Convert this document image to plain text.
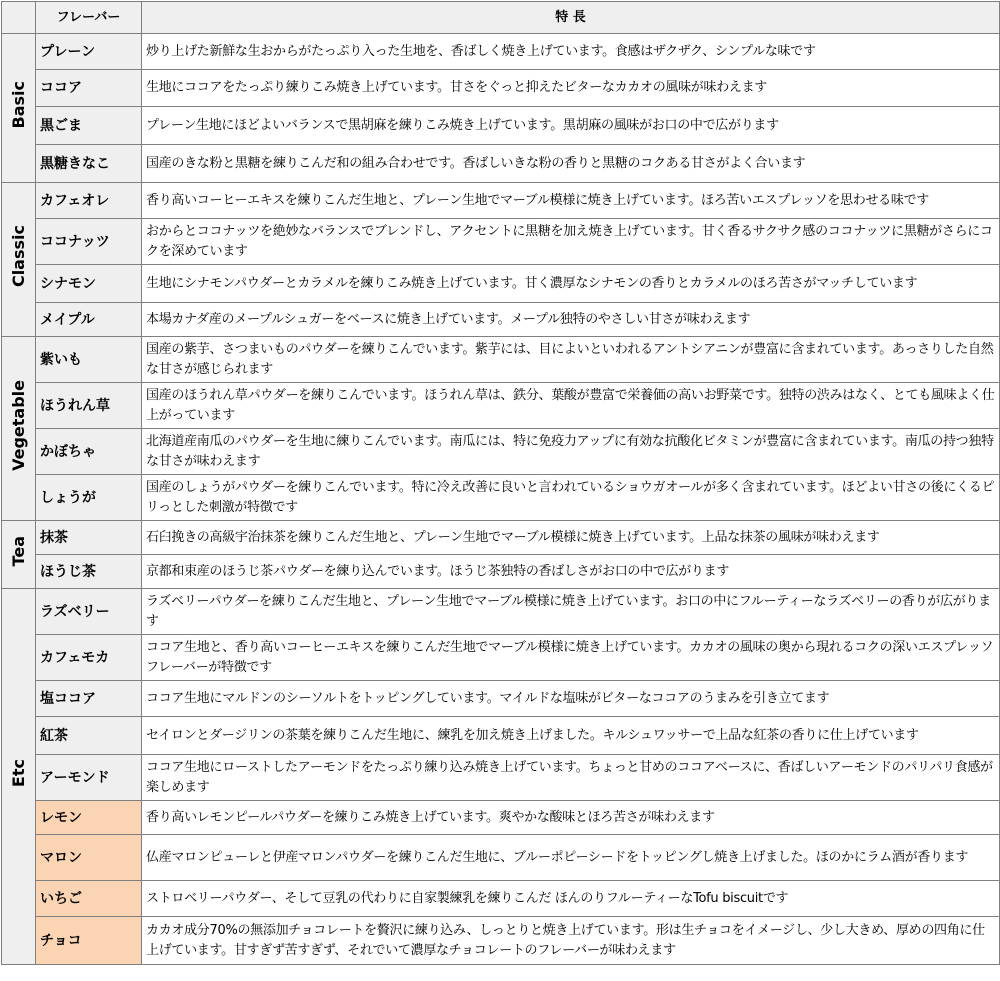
	フレーバー	特 長
Basic	プレーン	炒り上げた新鮮な生おからがたっぷり入った生地を、香ばしく焼き上げています。食感はザクザク、シンプルな味です
	ココア	生地にココアをたっぷり練りこみ焼き上げています。甘さをぐっと抑えたビターなカカオの風味が味わえます
	黒ごま	プレーン生地にほどよいバランスで黒胡麻を練りこみ焼き上げています。黒胡麻の風味がお口の中で広がります
	黒糖きなこ	国産のきな粉と黒糖を練りこんだ和の組み合わせです。香ばしいきな粉の香りと黒糖のコクある甘さがよく合います
Classic	カフェオレ	香り高いコーヒーエキスを練りこんだ生地と、プレーン生地でマーブル模様に焼き上げています。ほろ苦いエスプレッソを思わせる味です
	ココナッツ	おからとココナッツを絶妙なバランスでブレンドし、アクセントに黒糖を加え焼き上げています。甘く香るサクサク感のココナッツに黒糖がさらにコクを深めています
	シナモン	生地にシナモンパウダーとカラメルを練りこみ焼き上げています。甘く濃厚なシナモンの香りとカラメルのほろ苦さがマッチしています
	メイプル	本場カナダ産のメープルシュガーをベースに焼き上げています。メープル独特のやさしい甘さが味わえます
Vegetable	紫いも	国産の紫芋、さつまいものパウダーを練りこんでいます。紫芋には、目によいといわれるアントシアニンが豊富に含まれています。あっさりした自然な甘さが感じられます
	ほうれん草	国産のほうれん草パウダーを練りこんでいます。ほうれん草は、鉄分、葉酸が豊富で栄養価の高いお野菜です。独特の渋みはなく、とても風味よく仕上がっています
	かぼちゃ	北海道産南瓜のパウダーを生地に練りこんでいます。南瓜には、特に免疫力アップに有効な抗酸化ビタミンが豊富に含まれています。南瓜の持つ独特な甘さが味わえます
	しょうが	国産のしょうがパウダーを練りこんでいます。特に冷え改善に良いと言われているショウガオールが多く含まれています。ほどよい甘さの後にくるピリっとした刺激が特徴です
Tea	抹茶	石臼挽きの高級宇治抹茶を練りこんだ生地と、プレーン生地でマーブル模様に焼き上げています。上品な抹茶の風味が味わえます
	ほうじ茶	京都和束産のほうじ茶パウダーを練り込んでいます。ほうじ茶独特の香ばしさがお口の中で広がります
Etc	ラズベリー	ラズベリーパウダーを練りこんだ生地と、プレーン生地でマーブル模様に焼き上げています。お口の中にフルーティーなラズベリーの香りが広がります
	カフェモカ	ココア生地と、香り高いコーヒーエキスを練りこんだ生地でマーブル模様に焼き上げています。カカオの風味の奥から現れるコクの深いエスプレッソフレーバーが特徴です
	塩ココア	ココア生地にマルドンのシーソルトをトッピングしています。マイルドな塩味がビターなココアのうまみを引き立てます
	紅茶	セイロンとダージリンの茶葉を練りこんだ生地に、練乳を加え焼き上げました。キルシュワッサーで上品な紅茶の香りに仕上げています
	アーモンド	ココア生地にローストしたアーモンドをたっぷり練り込み焼き上げています。ちょっと甘めのココアベースに、香ばしいアーモンドのパリパリ食感が楽しめます
	レモン	香り高いレモンピールパウダーを練りこみ焼き上げています。爽やかな酸味とほろ苦さが味わえます
	マロン	仏産マロンピューレと伊産マロンパウダーを練りこんだ生地に、ブルーポピーシードをトッピングし焼き上げました。ほのかにラム酒が香ります
	いちご	ストロベリーパウダー、そして豆乳の代わりに自家製練乳を練りこんだ ほんのりフルーティーなTofu biscuitです
	チョコ	カカオ成分70%の無添加チョコレートを贅沢に練り込み、しっとりと焼き上げています。形は生チョコをイメージし、少し大きめ、厚めの四角に仕上げています。甘すぎず苦すぎず、それでいて濃厚なチョコレートのフレーバーが味わえます
